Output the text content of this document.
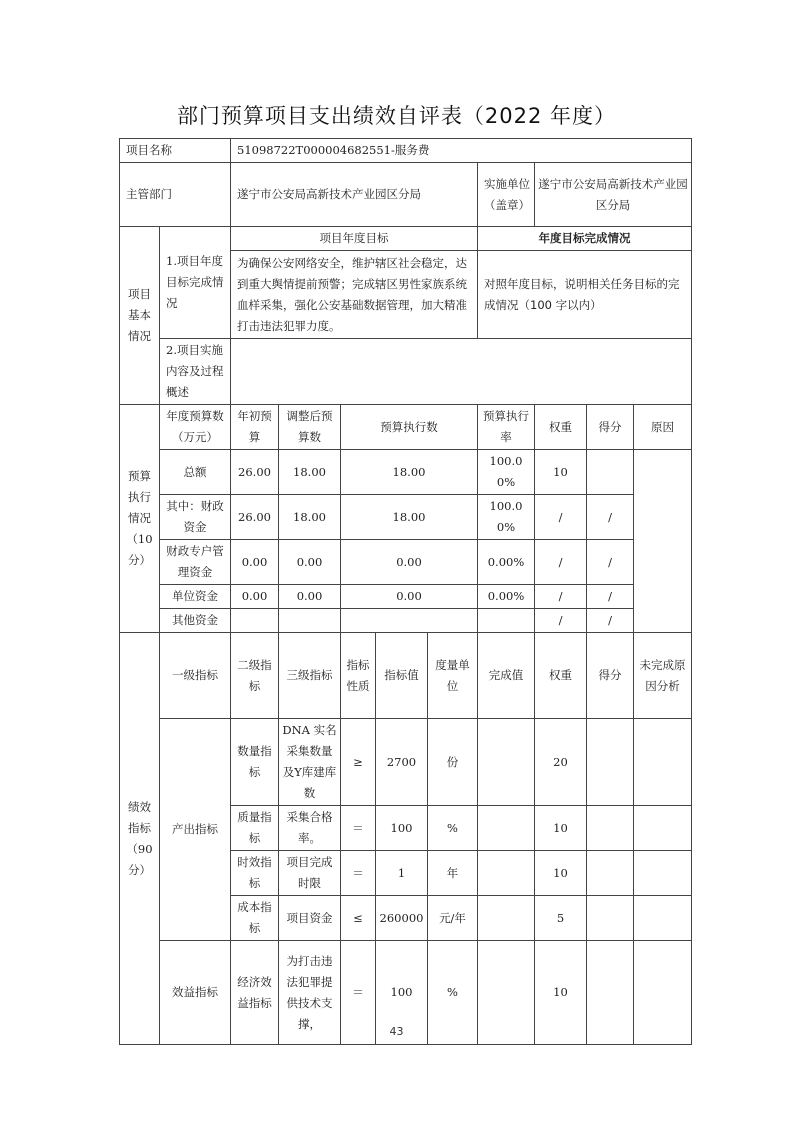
部门预算项目支出绩效自评表（2022 年度）
项目名称		51098722T000004682551-服务费								
主管部门		遂宁市公安局高新技术产业园区分局					实施单位（盖章）	遂宁市公安局高新技术产业园区分局		
项目基本情况	1.项目年度目标完成情况	项目年度目标					年度目标完成情况			
		为确保公安网络安全，维护辖区社会稳定，达到重大舆情提前预警；完成辖区男性家族系统血样采集，强化公安基础数据管理，加大精准打击违法犯罪力度。					对照年度目标，说明相关任务目标的完成情况（100 字以内）			
	2.项目实施内容及过程概述									
预算执行情况（10分）	年度预算数（万元）	年初预算	调整后预算数	预算执行数			预算执行率	权重	得分	原因
	总额	26.00	18.00	18.00			100.00%	10		
	其中：财政资金	26.00	18.00	18.00			100.00%	/	/	
	财政专户管理资金	0.00	0.00	0.00			0.00%	/	/	
	单位资金	0.00	0.00	0.00			0.00%	/	/	
	其他资金							/	/	
绩效指标（90分）	一级指标	二级指标	三级指标	指标性质	指标值	度量单位	完成值	权重	得分	未完成原因分析
	产出指标	数量指标	DNA 实名采集数量及Y库建库数	≥	2700	份		20		
		质量指标	采集合格率。	＝	100	%		10		
		时效指标	项目完成时限	＝	1	年		10		
		成本指标	项目资金	≤	260000	元/年		5		
	效益指标	经济效益指标	为打击违法犯罪提供技术支撑，	＝	100	%		10		
43
